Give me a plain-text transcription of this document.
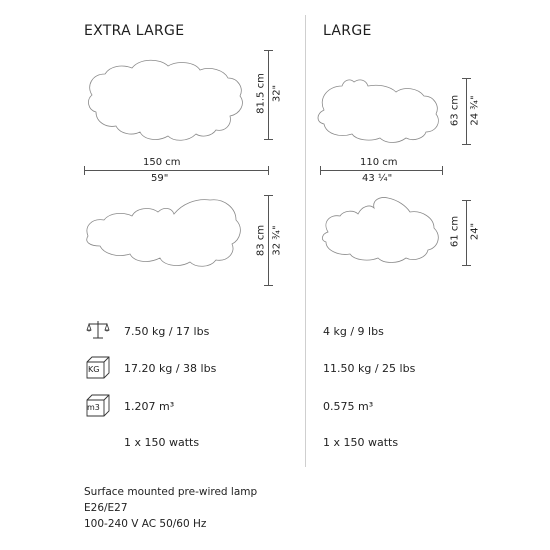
EXTRA LARGE
81.5 cm 32"
150 cm
59"
83 cm 32 ¾"
LARGE
63 cm 24 ¾"
110 cm
43 ¼"
61 cm 24"
7.50 kg / 17 lbs	4 kg / 9 lbs
KG 17.20 kg / 38 lbs	11.50 kg / 25 lbs
m3 1.207 m³	0.575 m³
1 x 150 watts	1 x 150 watts
Surface mounted pre-wired lamp
E26/E27
100-240 V AC 50/60 Hz
